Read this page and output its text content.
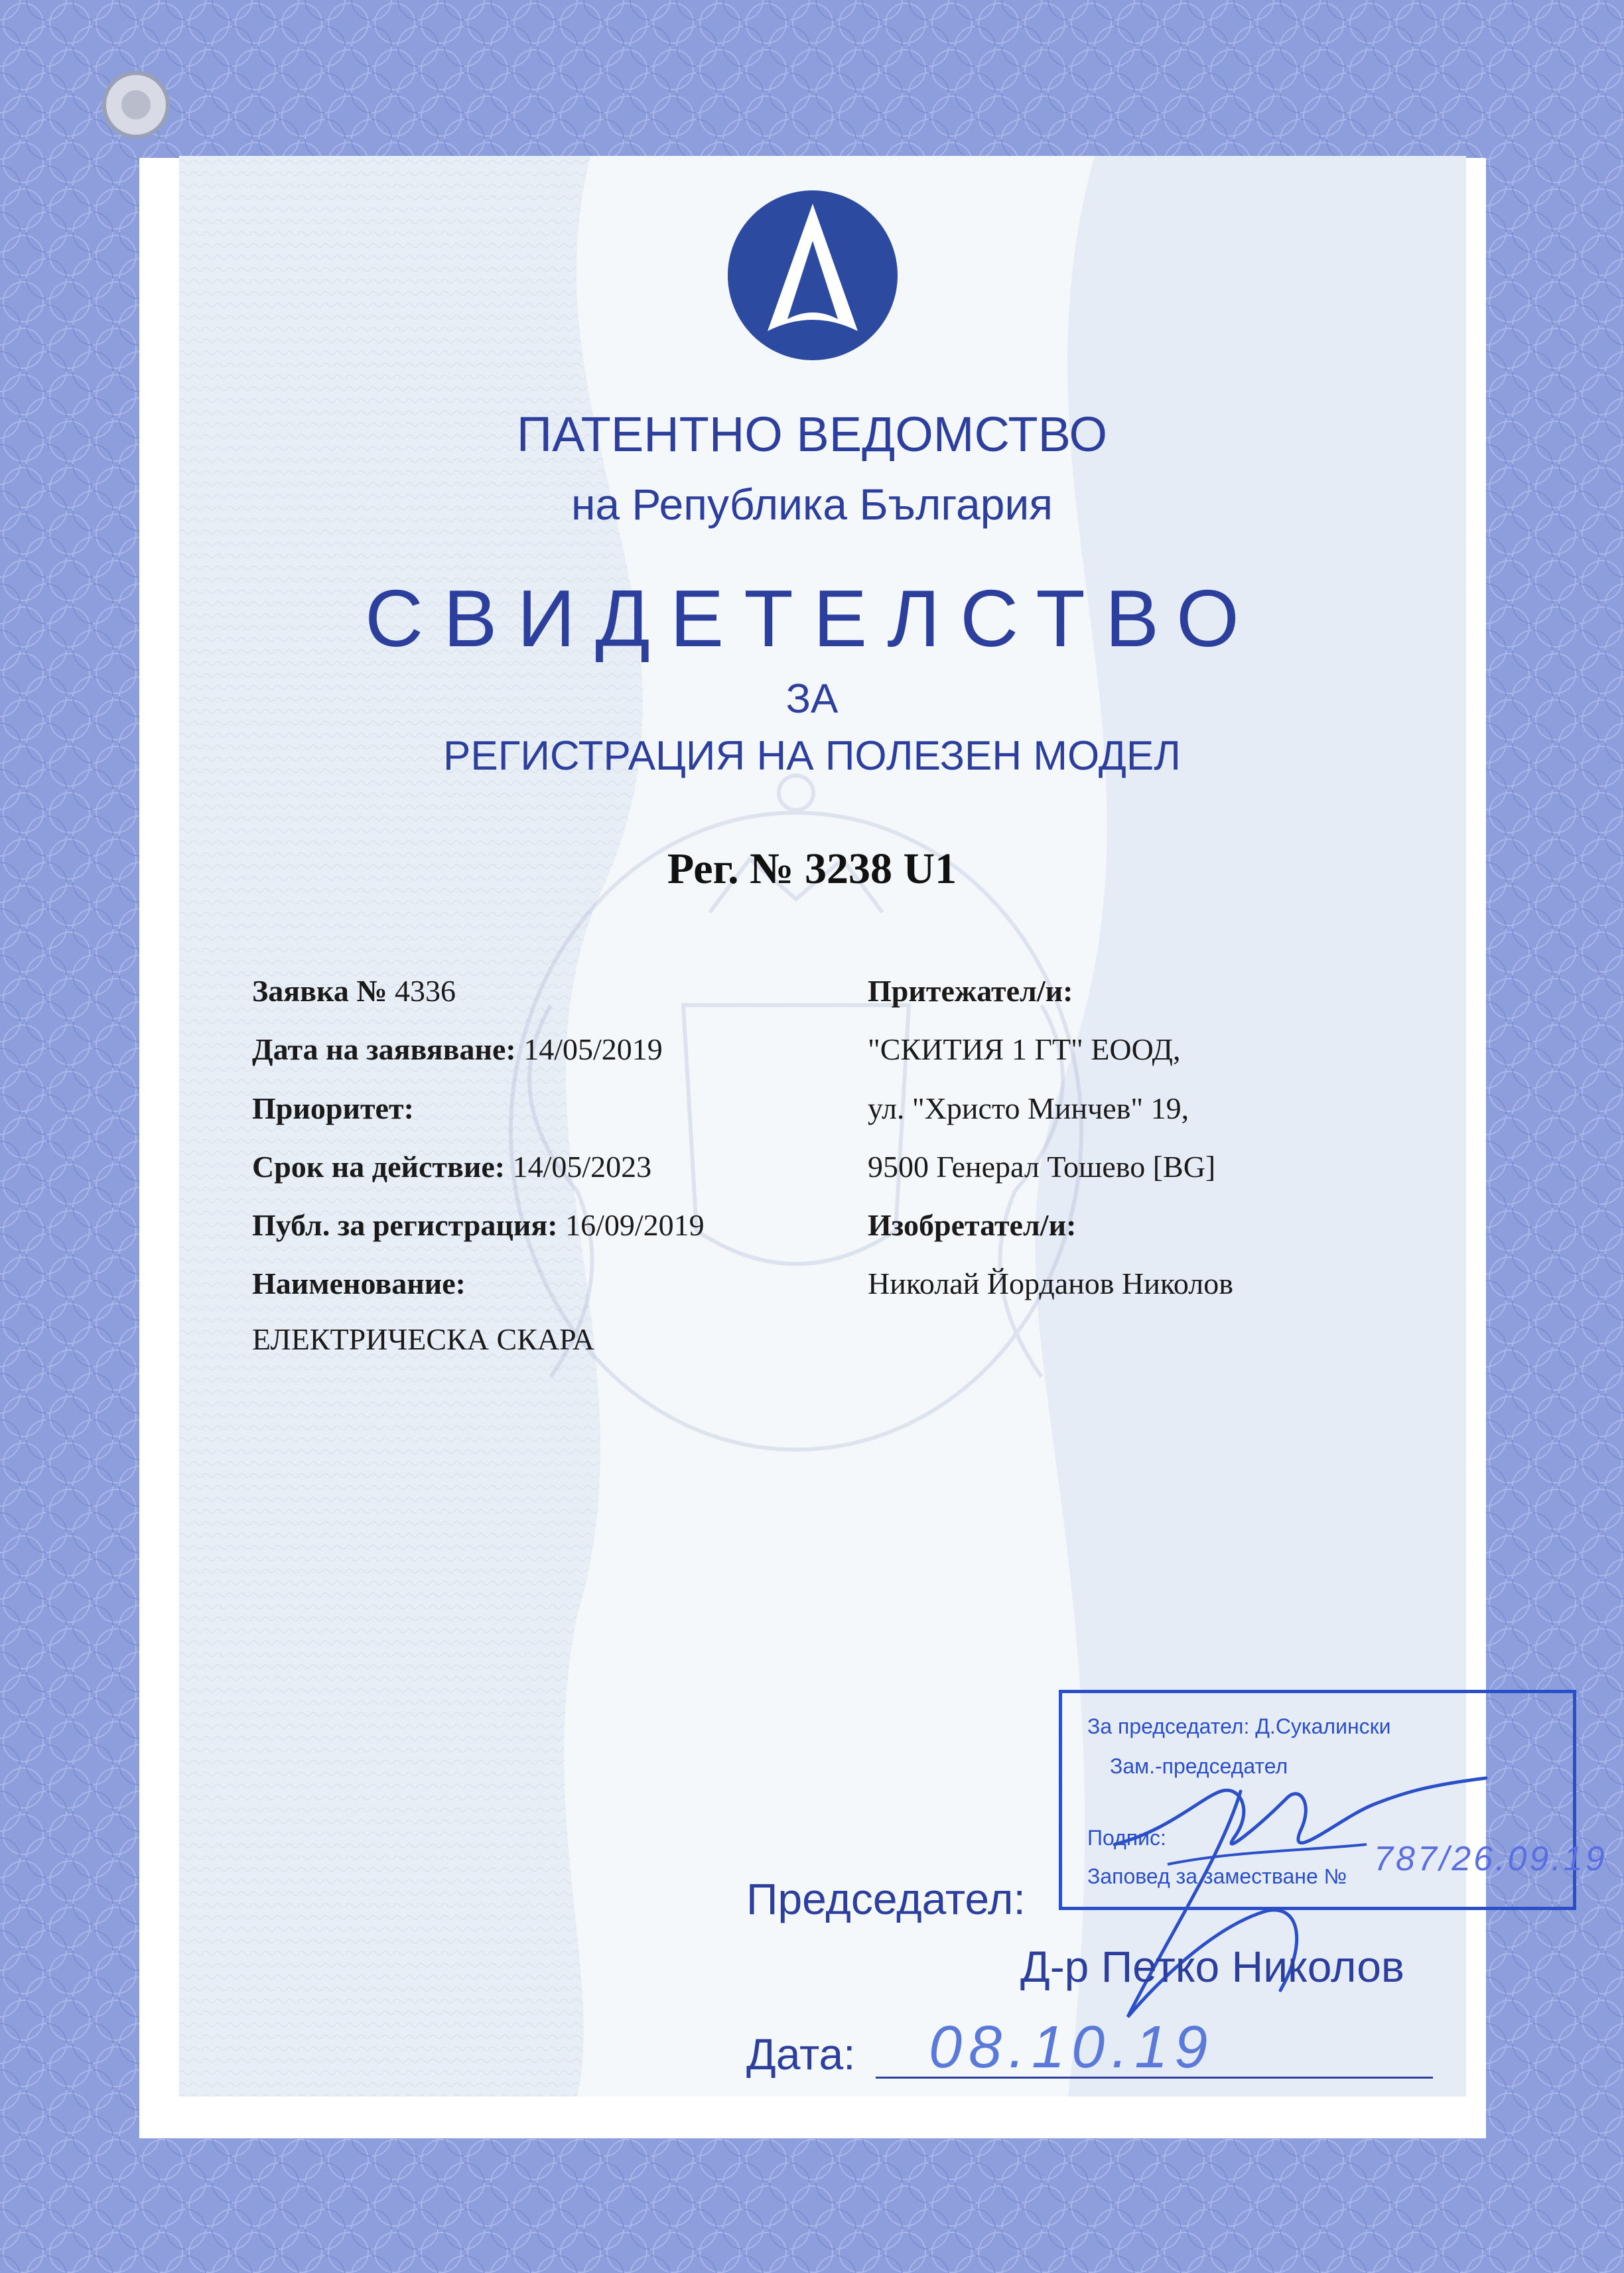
ПАТЕНТНО ВЕДОМСТВО
на Република България
СВИДЕТЕЛСТВО
ЗА
РЕГИСТРАЦИЯ НА ПОЛЕЗЕН МОДЕЛ
Рег. № 3238 U1
Заявка № 4336
Дата на заявяване: 14/05/2019
Приоритет:
Срок на действие: 14/05/2023
Публ. за регистрация: 16/09/2019
Наименование:
ЕЛЕКТРИЧЕСКА СКАРА
Притежател/и:
"СКИТИЯ 1 ГТ" ЕООД,
ул. "Христо Минчев" 19,
9500 Генерал Тошево [BG]
Изобретател/и:
Николай Йорданов Николов
За председател: Д.Сукалински
Зам.-председател
Подпис:
Заповед за заместване № 787/26.09.19
Председател:
Д-р Петко Николов
Дата: 08.10.19
